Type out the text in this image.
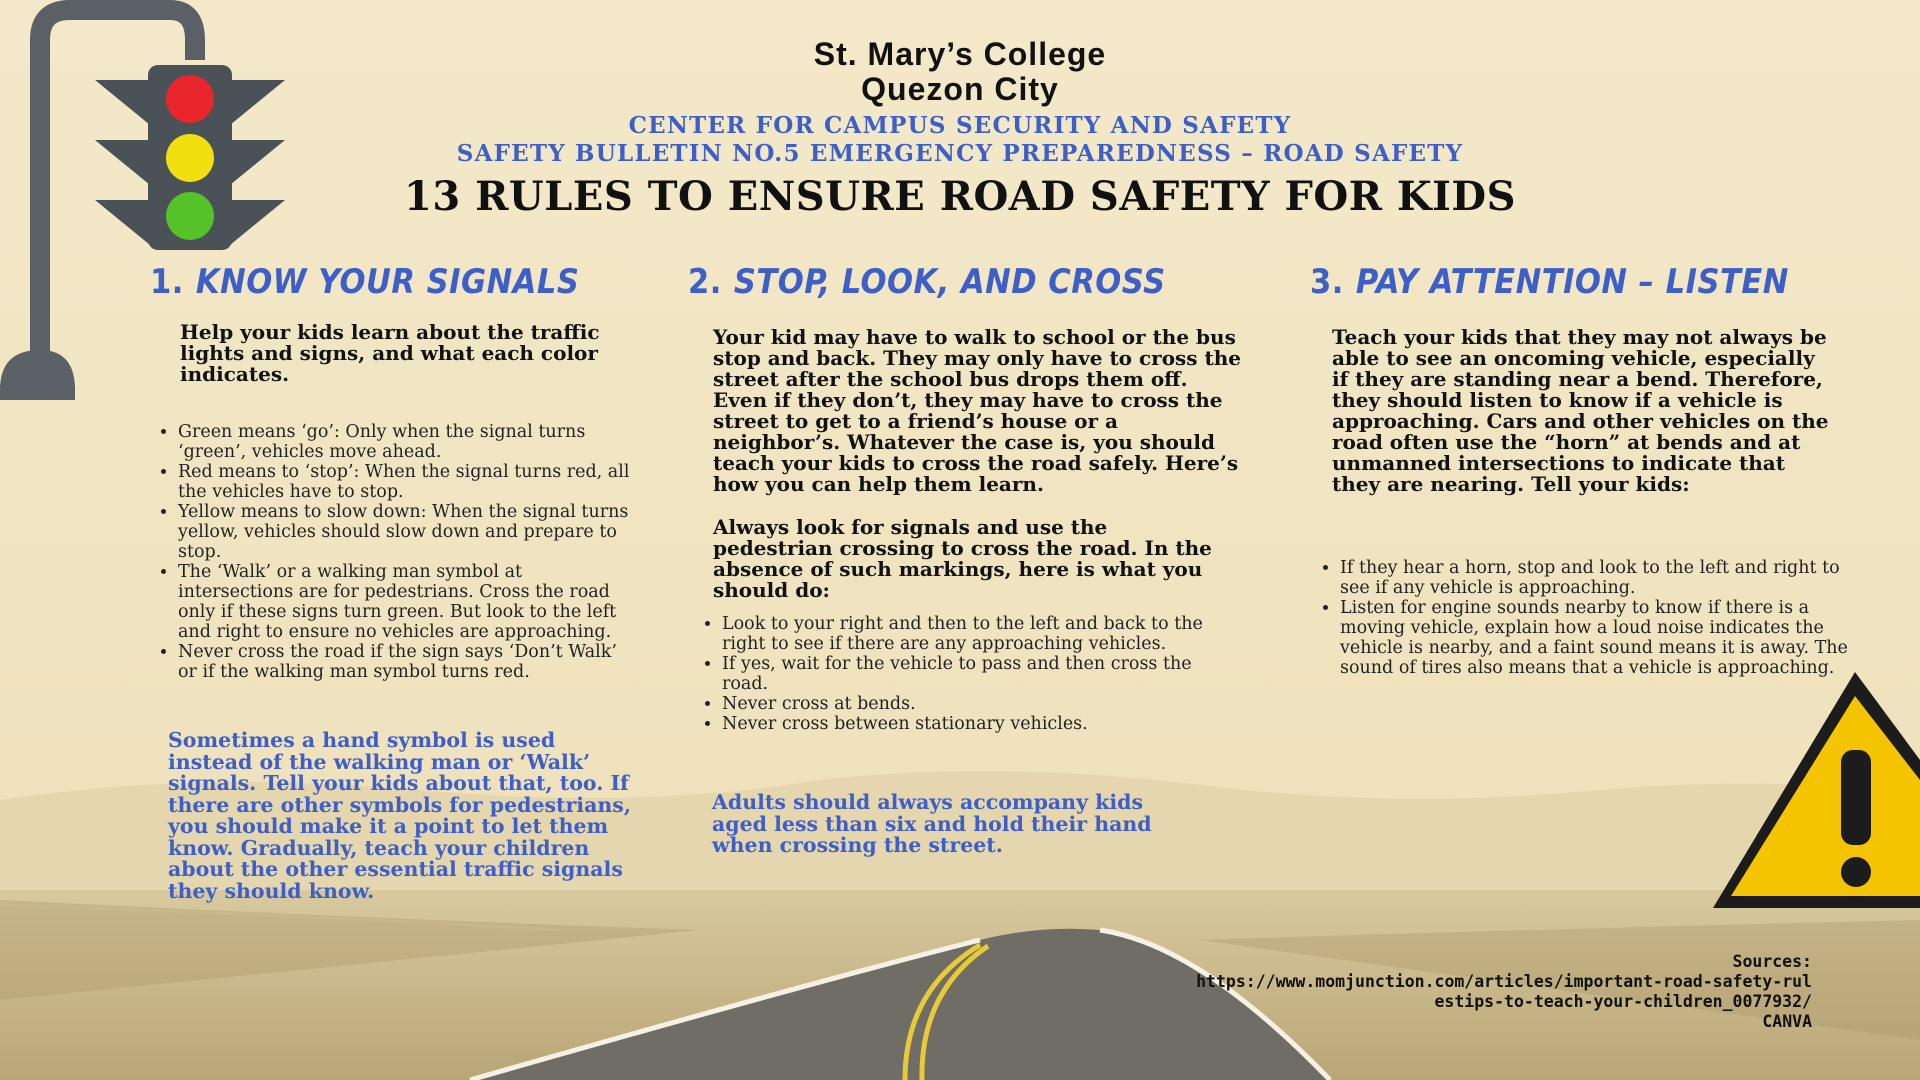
St. Mary’s College
Quezon City
CENTER FOR CAMPUS SECURITY AND SAFETY
SAFETY BULLETIN NO.5 EMERGENCY PREPAREDNESS – ROAD SAFETY
13 RULES TO ENSURE ROAD SAFETY FOR KIDS
1. KNOW YOUR SIGNALS
Help your kids learn about the traffic lights and signs, and what each color indicates.
• Green means ‘go’: Only when the signal turns ‘green’, vehicles move ahead.
• Red means to ‘stop’: When the signal turns red, all the vehicles have to stop.
• Yellow means to slow down: When the signal turns yellow, vehicles should slow down and prepare to stop.
• The ‘Walk’ or a walking man symbol at intersections are for pedestrians. Cross the road only if these signs turn green. But look to the left and right to ensure no vehicles are approaching.
• Never cross the road if the sign says ‘Don’t Walk’ or if the walking man symbol turns red.
Sometimes a hand symbol is used instead of the walking man or ‘Walk’ signals. Tell your kids about that, too. If there are other symbols for pedestrians, you should make it a point to let them know. Gradually, teach your children about the other essential traffic signals they should know.
2. STOP, LOOK, AND CROSS
Your kid may have to walk to school or the bus stop and back. They may only have to cross the street after the school bus drops them off. Even if they don’t, they may have to cross the street to get to a friend’s house or a neighbor’s. Whatever the case is, you should teach your kids to cross the road safely. Here’s how you can help them learn.
Always look for signals and use the pedestrian crossing to cross the road. In the absence of such markings, here is what you should do:
• Look to your right and then to the left and back to the right to see if there are any approaching vehicles.
• If yes, wait for the vehicle to pass and then cross the road.
• Never cross at bends.
• Never cross between stationary vehicles.
Adults should always accompany kids aged less than six and hold their hand when crossing the street.
3. PAY ATTENTION – LISTEN
Teach your kids that they may not always be able to see an oncoming vehicle, especially if they are standing near a bend. Therefore, they should listen to know if a vehicle is approaching. Cars and other vehicles on the road often use the “horn” at bends and at unmanned intersections to indicate that they are nearing. Tell your kids:
• If they hear a horn, stop and look to the left and right to see if any vehicle is approaching.
• Listen for engine sounds nearby to know if there is a moving vehicle, explain how a loud noise indicates the vehicle is nearby, and a faint sound means it is away. The sound of tires also means that a vehicle is approaching.
Sources:
https://www.momjunction.com/articles/important-road-safety-rulestips-to-teach-your-children_0077932/
CANVA
